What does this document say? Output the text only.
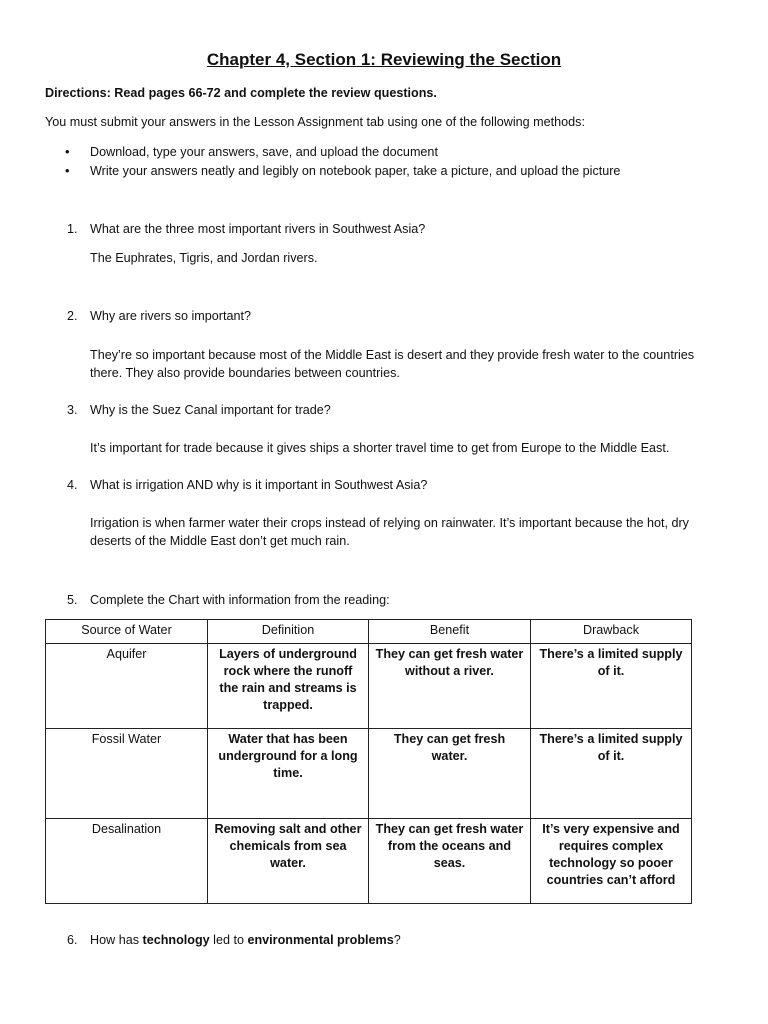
Chapter 4, Section 1: Reviewing the Section
Directions: Read pages 66-72 and complete the review questions.
You must submit your answers in the Lesson Assignment tab using one of the following methods:
• Download, type your answers, save, and upload the document
• Write your answers neatly and legibly on notebook paper, take a picture, and upload the picture
1. What are the three most important rivers in Southwest Asia?
The Euphrates, Tigris, and Jordan rivers.
2. Why are rivers so important?
They’re so important because most of the Middle East is desert and they provide fresh water to the countries there. They also provide boundaries between countries.
3. Why is the Suez Canal important for trade?
It’s important for trade because it gives ships a shorter travel time to get from Europe to the Middle East.
4. What is irrigation AND why is it important in Southwest Asia?
Irrigation is when farmer water their crops instead of relying on rainwater. It’s important because the hot, dry deserts of the Middle East don’t get much rain.
5. Complete the Chart with information from the reading:
Source of Water	Definition	Benefit	Drawback
Aquifer	Layers of underground rock where the runoff the rain and streams is trapped.	They can get fresh water without a river.	There’s a limited supply of it.
Fossil Water	Water that has been underground for a long time.	They can get fresh water.	There’s a limited supply of it.
Desalination	Removing salt and other chemicals from sea water.	They can get fresh water from the oceans and seas.	It’s very expensive and requires complex technology so pooer countries can’t afford
6. How has technology led to environmental problems?
